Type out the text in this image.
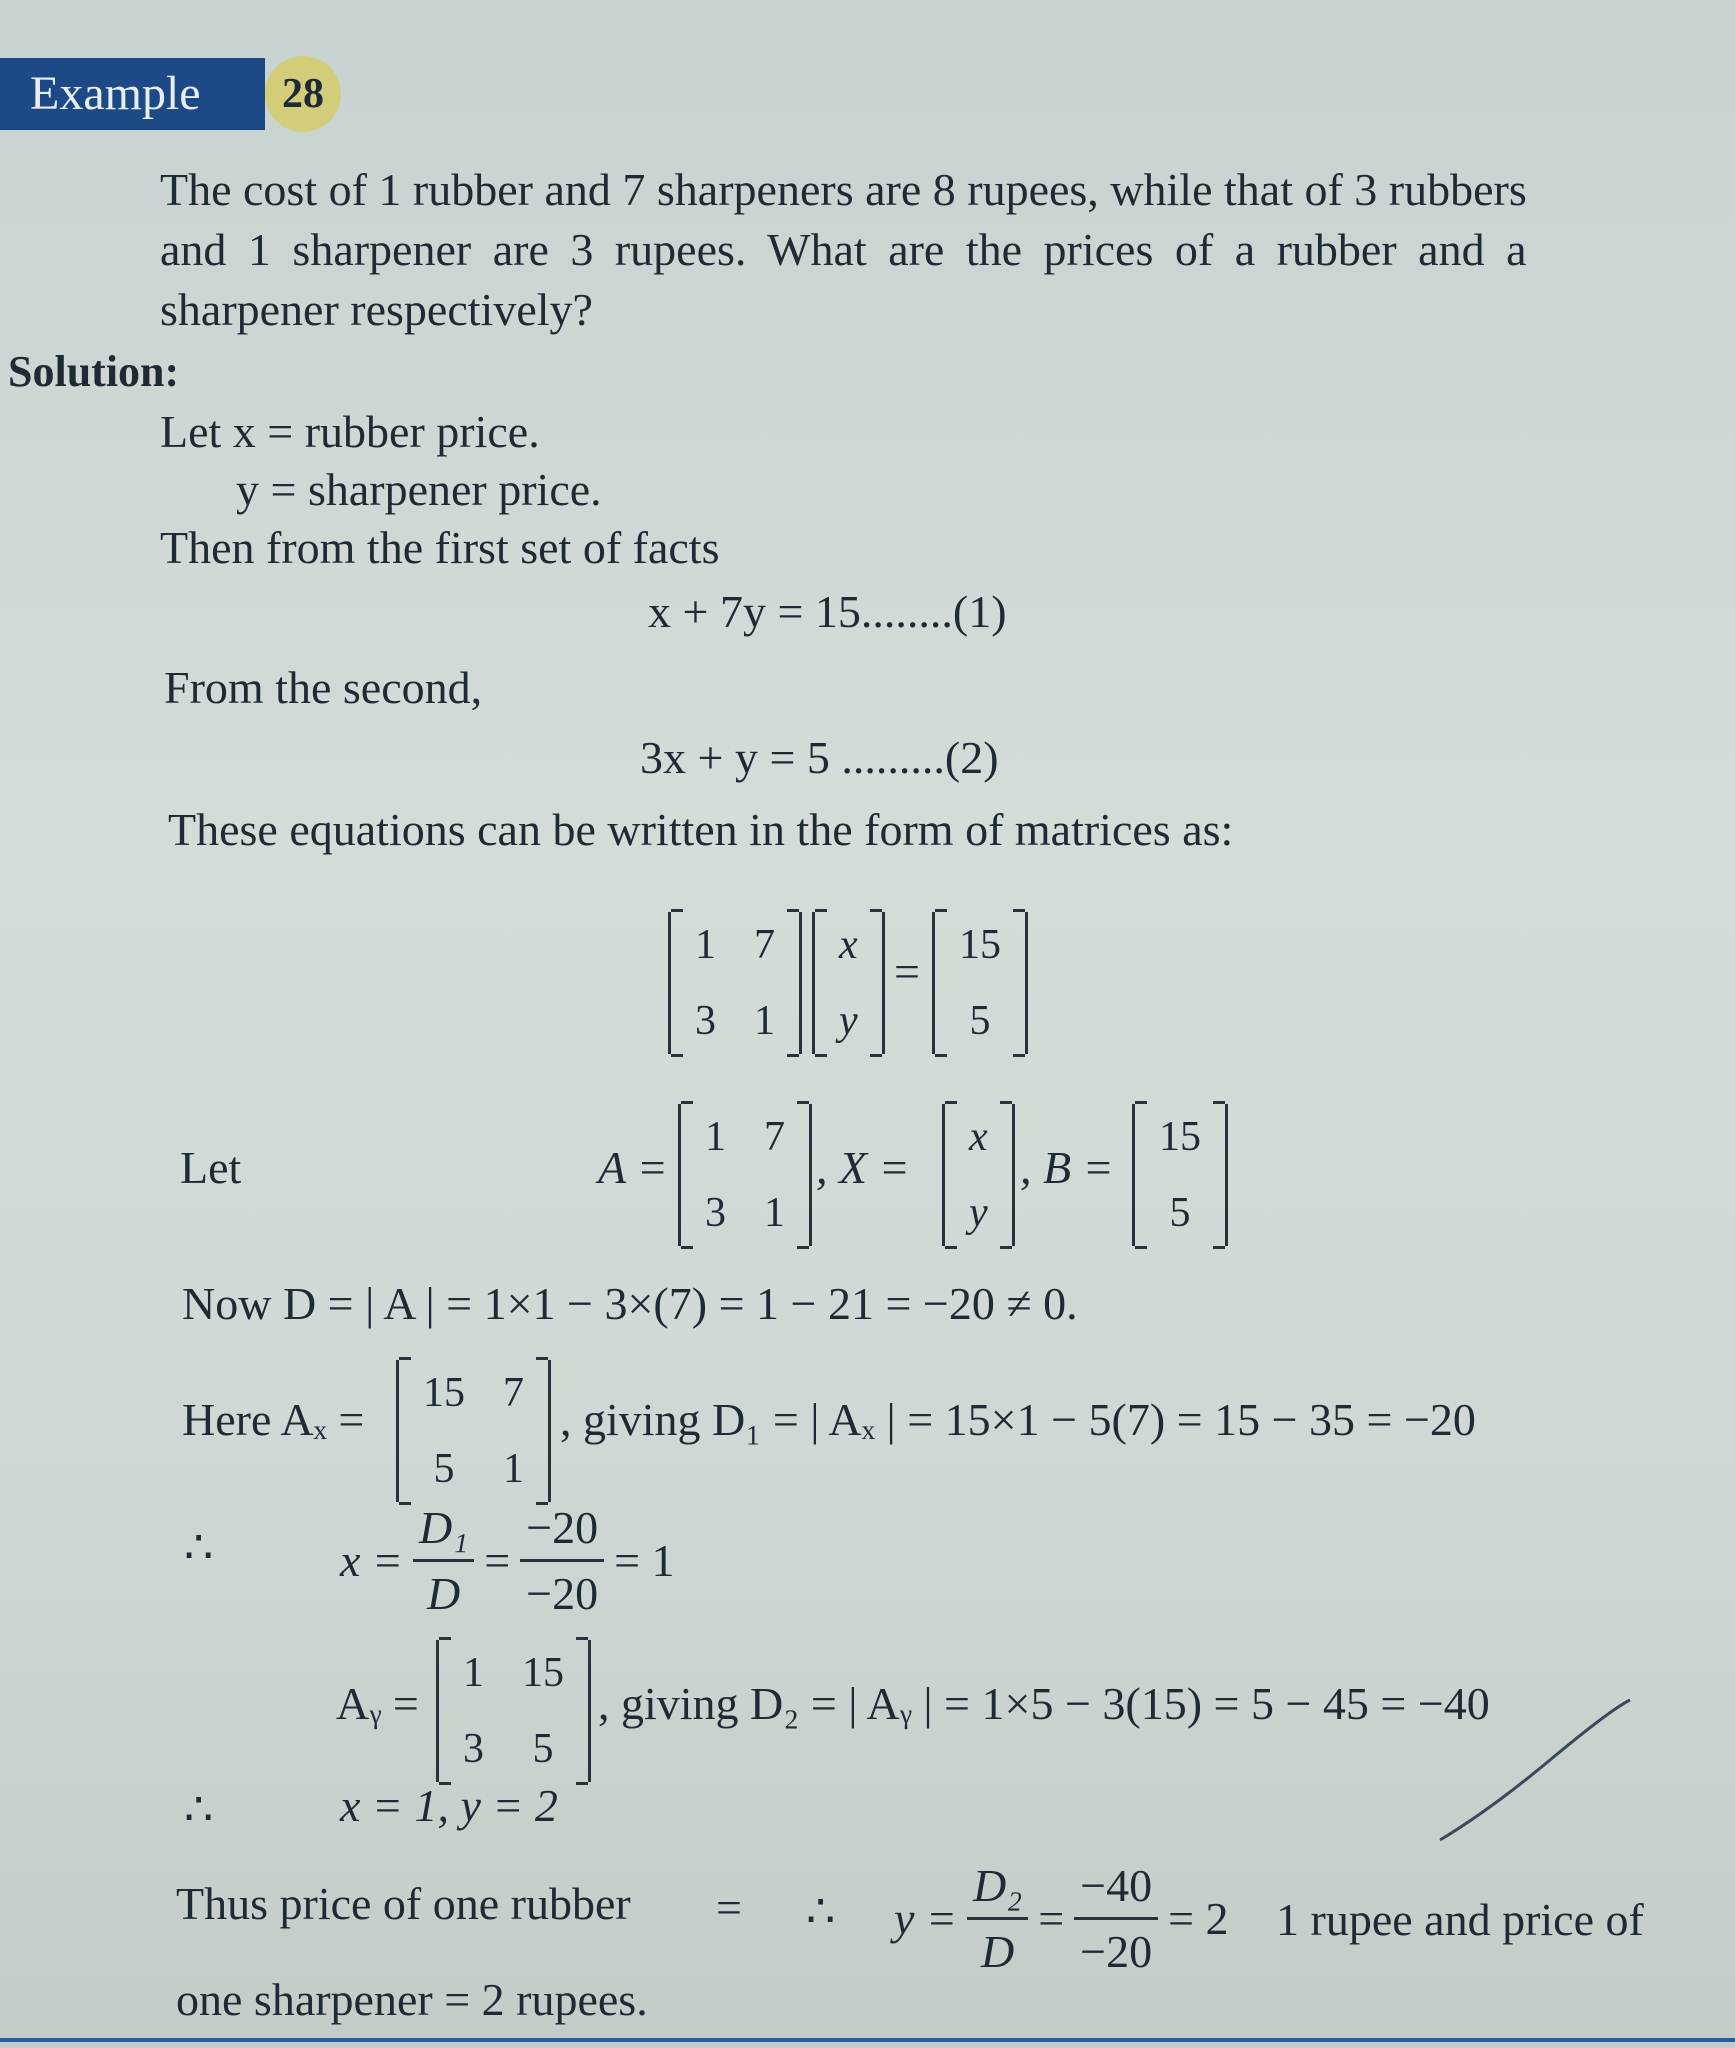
Example 28
The cost of 1 rubber and 7 sharpeners are 8 rupees, while that of 3 rubbers
and 1 sharpener are 3 rupees. What are the prices of a rubber and a
sharpener respectively?
Solution:
Let x = rubber price.
y = sharpener price.
Then from the first set of facts
x + 7y = 15........(1)
From the second,
3x + y = 5 .........(2)
These equations can be written in the form of matrices as:
1 7
3 1
x
y
=
15
5
Let	A =
1 7
3 1
, X =
x
y
, B =
15
5
Now D = | A | = 1×1 − 3×(7) = 1 − 21 = −20 ≠ 0.
Here Aₓ =
15 7
5 1
, giving D₁ = | Aₓ | = 15×1 − 5(7) = 15 − 35 = −20
∴	$x = \frac{\text{D₁}}{D} = \frac{-20}{-20} = 1$
Aᵧ =
1 15
3 5
, giving D₂ = | Aᵧ | = 1×5 − 3(15) = 5 − 45 = −40
∴	x = 1, y = 2
Thus price of one rubber = ∴ $y = \frac{\text{D₂}}{D} = \frac{-40}{-20} = 2$ 1 rupee and price of
one sharpener = 2 rupees.
